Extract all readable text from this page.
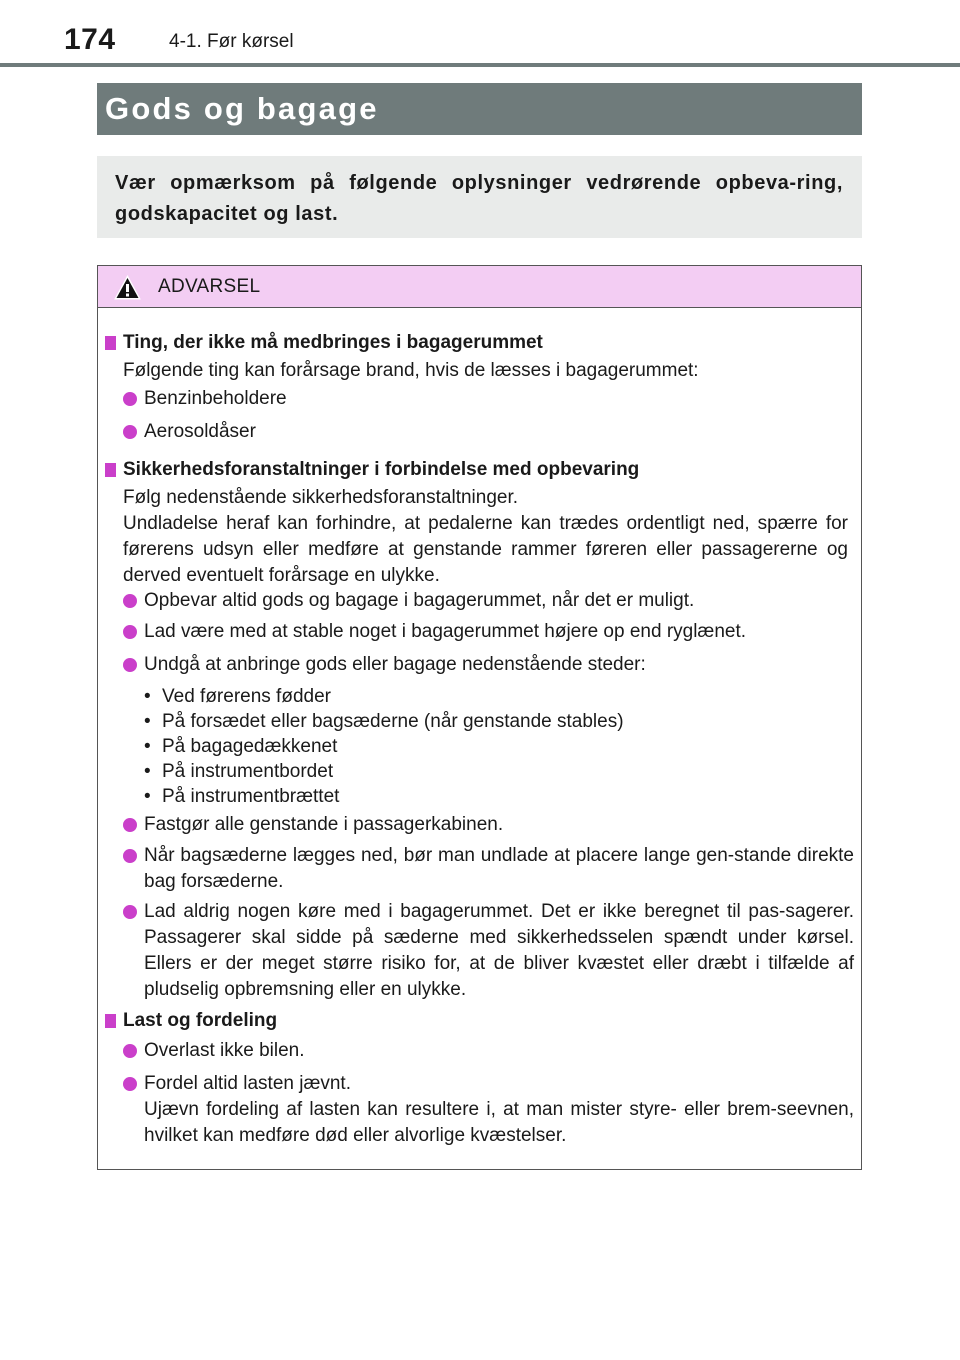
174	4-1. Før kørsel
Gods og bagage
Vær opmærksom på følgende oplysninger vedrørende opbeva-ring, godskapacitet og last.
ADVARSEL
Ting, der ikke må medbringes i bagagerummet
Følgende ting kan forårsage brand, hvis de læsses i bagagerummet:
Benzinbeholdere
Aerosoldåser
Sikkerhedsforanstaltninger i forbindelse med opbevaring
Følg nedenstående sikkerhedsforanstaltninger.
Undladelse heraf kan forhindre, at pedalerne kan trædes ordentligt ned, spærre for førerens udsyn eller medføre at genstande rammer føreren eller passagererne og derved eventuelt forårsage en ulykke.
Opbevar altid gods og bagage i bagagerummet, når det er muligt.
Lad være med at stable noget i bagagerummet højere op end ryglænet.
Undgå at anbringe gods eller bagage nedenstående steder:
• Ved førerens fødder
• På forsædet eller bagsæderne (når genstande stables)
• På bagagedækkenet
• På instrumentbordet
• På instrumentbrættet
Fastgør alle genstande i passagerkabinen.
Når bagsæderne lægges ned, bør man undlade at placere lange gen-stande direkte bag forsæderne.
Lad aldrig nogen køre med i bagagerummet. Det er ikke beregnet til pas-sagerer. Passagerer skal sidde på sæderne med sikkerhedsselen spændt under kørsel. Ellers er der meget større risiko for, at de bliver kvæstet eller dræbt i tilfælde af pludselig opbremsning eller en ulykke.
Last og fordeling
Overlast ikke bilen.
Fordel altid lasten jævnt.
Ujævn fordeling af lasten kan resultere i, at man mister styre- eller brem-seevnen, hvilket kan medføre død eller alvorlige kvæstelser.
